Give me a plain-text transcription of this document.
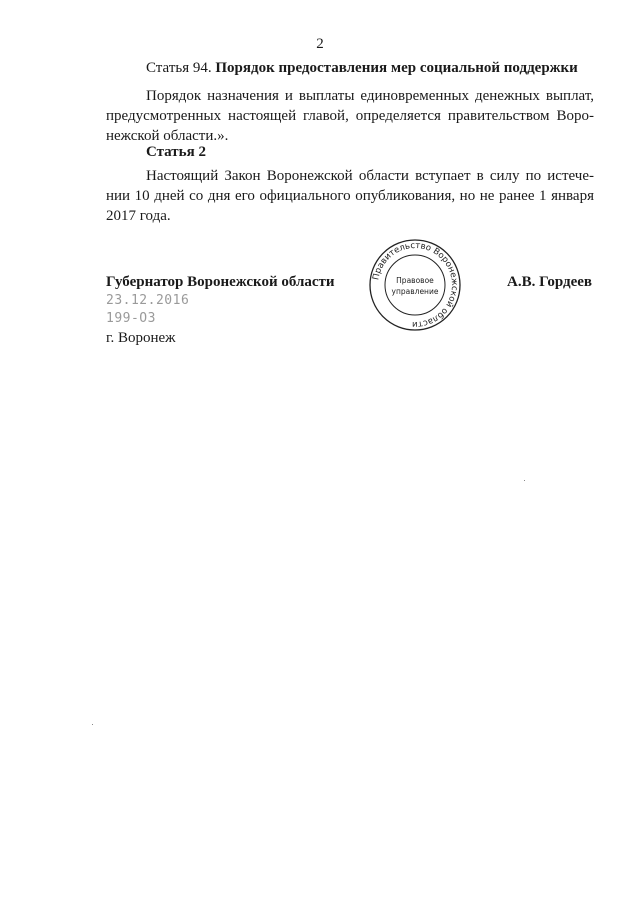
2
Статья 94. Порядок предоставления мер социальной поддержки
Порядок назначения и выплаты единовременных денежных выплат,
предусмотренных настоящей главой, определяется правительством Воро-
нежской области.».
Статья 2
Настоящий Закон Воронежской области вступает в силу по истече-
нии 10 дней со дня его официального опубликования, но не ранее 1 января
2017 года.
Губернатор Воронежской области	Правительство Воронежской области
Правовое
управление
А.В. Гордеев
23.12.2016
199-ОЗ
г. Воронеж
